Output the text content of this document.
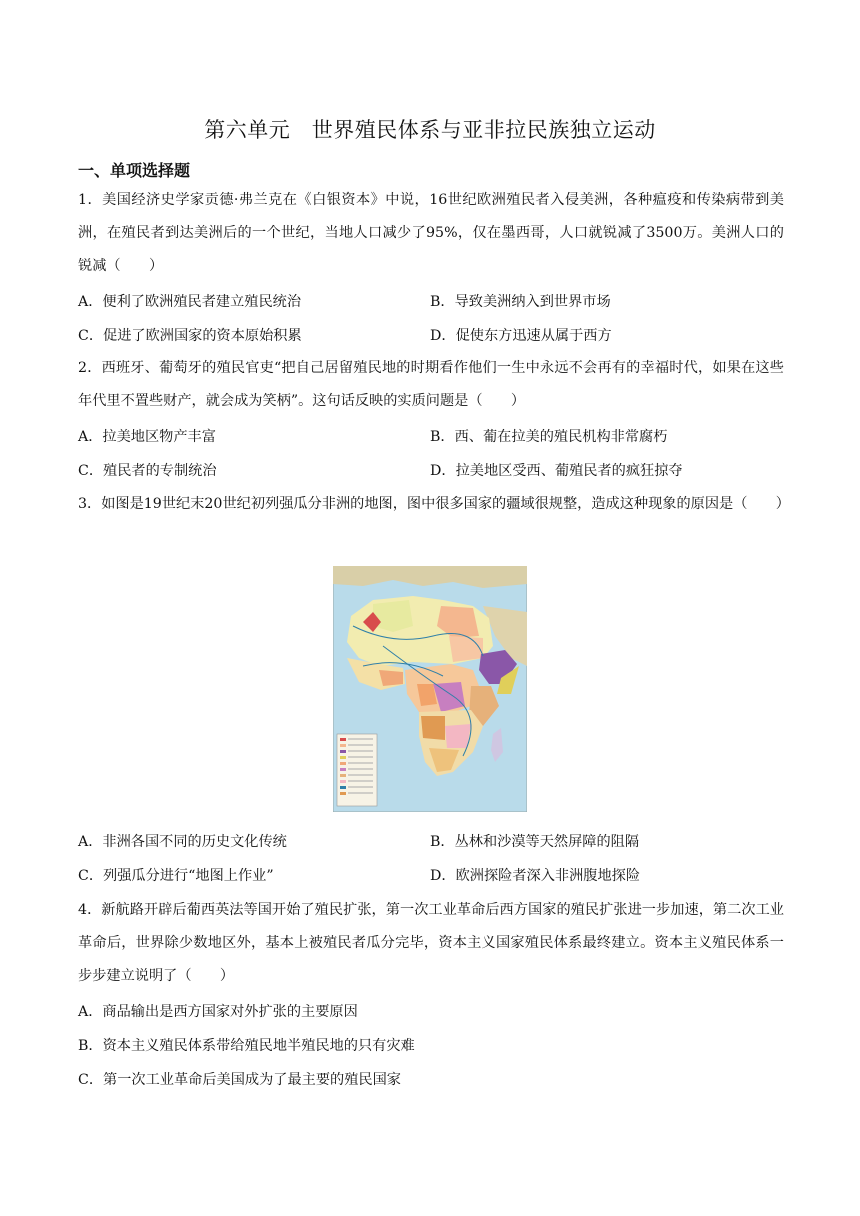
第六单元　世界殖民体系与亚非拉民族独立运动
一、单项选择题
1．美国经济史学家贡德·弗兰克在《白银资本》中说，16世纪欧洲殖民者入侵美洲，各种瘟疫和传染病带到美洲，在殖民者到达美洲后的一个世纪，当地人口减少了95%，仅在墨西哥，人口就锐减了3500万。美洲人口的锐减（　　）
A．便利了欧洲殖民者建立殖民统治	B．导致美洲纳入到世界市场
C．促进了欧洲国家的资本原始积累	D．促使东方迅速从属于西方
2．西班牙、葡萄牙的殖民官吏“把自己居留殖民地的时期看作他们一生中永远不会再有的幸福时代，如果在这些年代里不置些财产，就会成为笑柄”。这句话反映的实质问题是（　　）
A．拉美地区物产丰富	B．西、葡在拉美的殖民机构非常腐朽
C．殖民者的专制统治	D．拉美地区受西、葡殖民者的疯狂掠夺
3．如图是19世纪末20世纪初列强瓜分非洲的地图，图中很多国家的疆域很规整，造成这种现象的原因是（　　）
A．非洲各国不同的历史文化传统	B．丛林和沙漠等天然屏障的阻隔
C．列强瓜分进行“地图上作业”	D．欧洲探险者深入非洲腹地探险
4．新航路开辟后葡西英法等国开始了殖民扩张，第一次工业革命后西方国家的殖民扩张进一步加速，第二次工业革命后，世界除少数地区外，基本上被殖民者瓜分完毕，资本主义国家殖民体系最终建立。资本主义殖民体系一步步建立说明了（　　）
A．商品输出是西方国家对外扩张的主要原因
B．资本主义殖民体系带给殖民地半殖民地的只有灾难
C．第一次工业革命后美国成为了最主要的殖民国家
